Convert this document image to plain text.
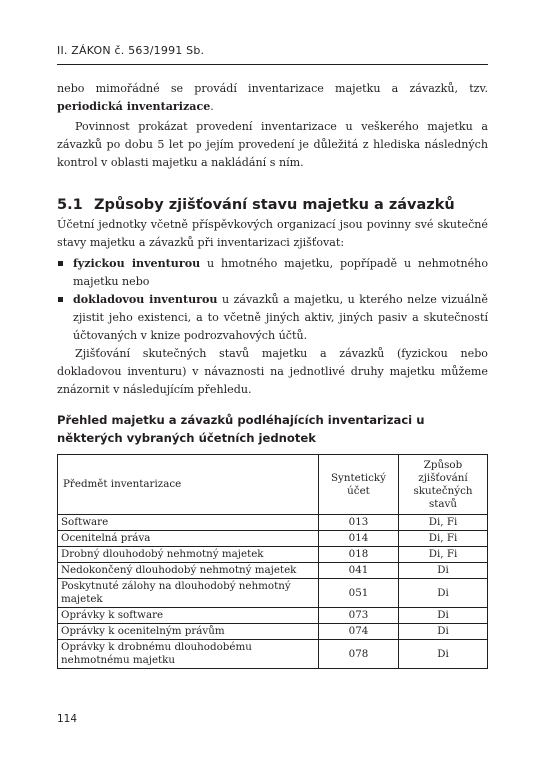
II. ZÁKON č. 563/1991 Sb.

nebo mimořádné se provádí inventarizace majetku a závazků, tzv. periodická inventarizace.

Povinnost prokázat provedení inventarizace u veškerého majetku a závazků po dobu 5 let po jejím provedení je důležitá z hlediska následných kontrol v oblasti majetku a nakládání s ním.

5.1 Způsoby zjišťování stavu majetku a závazků

Účetní jednotky včetně příspěvkových organizací jsou povinny své skutečné stavy majetku a závazků při inventarizaci zjišťovat:

fyzickou inventurou u hmotného majetku, popřípadě u nehmotného majetku nebo
dokladovou inventurou u závazků a majetku, u kterého nelze vizuálně zjistit jeho existenci, a to včetně jiných aktiv, jiných pasiv a skutečností účtovaných v knize podrozvahových účtů.

Zjišťování skutečných stavů majetku a závazků (fyzickou nebo dokladovou inventuru) v návaznosti na jednotlivé druhy majetku můžeme znázornit v následujícím přehledu.

Přehled majetku a závazků podléhajících inventarizaci u některých vybraných účetních jednotek
Předmět inventarizace	Syntetický účet	Způsob zjišťování skutečných stavů
Software	013	Di, Fi
Ocenitelná práva	014	Di, Fi
Drobný dlouhodobý nehmotný majetek	018	Di, Fi
Nedokončený dlouhodobý nehmotný majetek	041	Di
Poskytnuté zálohy na dlouhodobý nehmotný majetek	051	Di
Oprávky k software	073	Di
Oprávky k ocenitelným právům	074	Di
Oprávky k drobnému dlouhodobému nehmotnému majetku	078	Di
114
